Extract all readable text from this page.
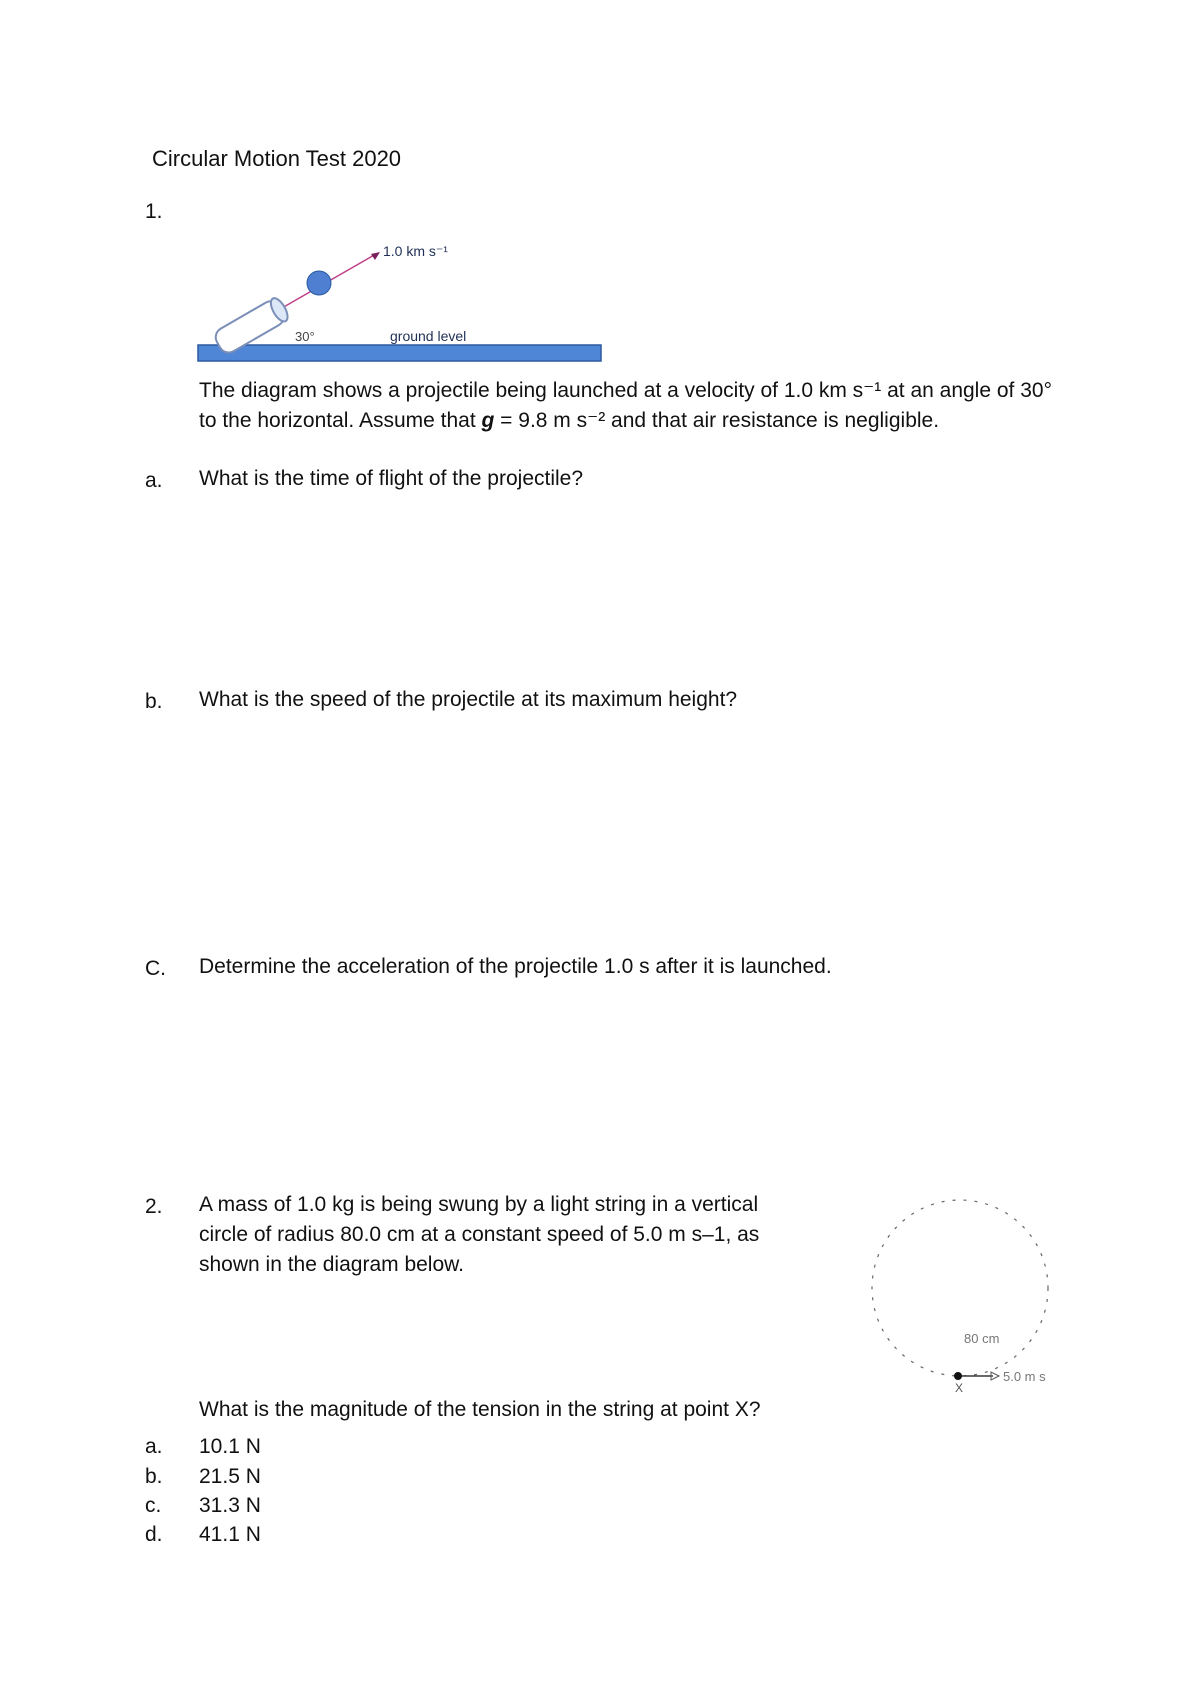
Circular Motion Test 2020
1.
1.0 km s⁻¹
30°	ground level
The diagram shows a projectile being launched at a velocity of 1.0 km s⁻¹ at an angle of 30°
to the horizontal. Assume that g = 9.8 m s⁻² and that air resistance is negligible.
a. What is the time of flight of the projectile?
b. What is the speed of the projectile at its maximum height?
C. Determine the acceleration of the projectile 1.0 s after it is launched.
2. A mass of 1.0 kg is being swung by a light string in a vertical
circle of radius 80.0 cm at a constant speed of 5.0 m s–1, as
shown in the diagram below.
80 cm
5.0 m s
X
What is the magnitude of the tension in the string at point X?
a. 10.1 N
b. 21.5 N
c. 31.3 N
d. 41.1 N
